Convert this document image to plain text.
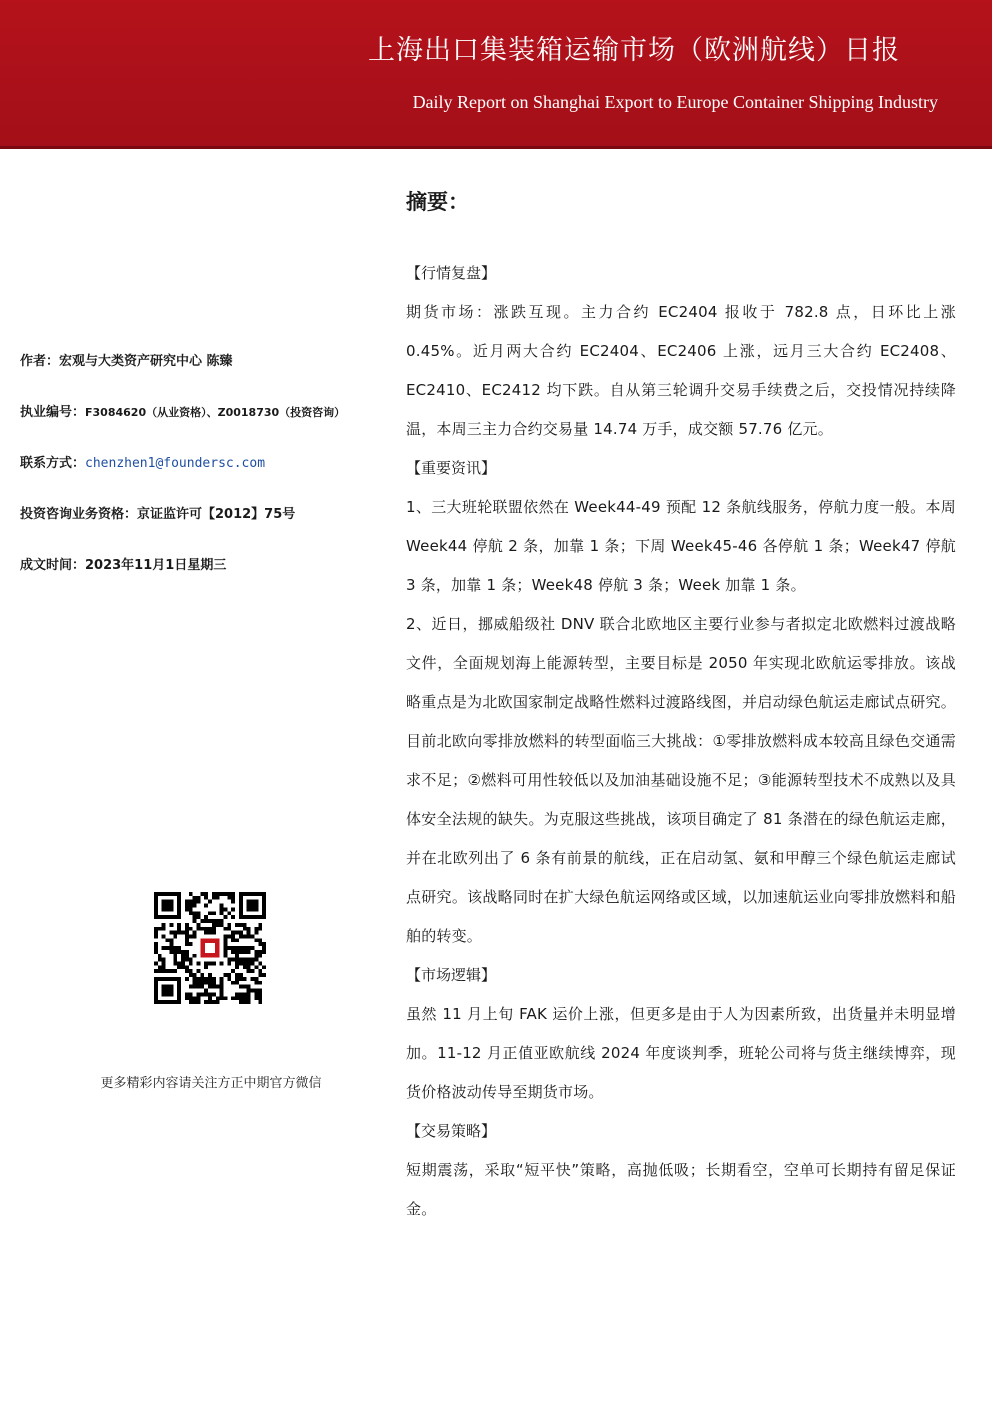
上海出口集装箱运输市场（欧洲航线）日报
Daily Report on Shanghai Export to Europe Container Shipping Industry
作者：宏观与大类资产研究中心 陈臻
执业编号：F3084620（从业资格）、Z0018730（投资咨询）
联系方式：chenzhen1@foundersc.com
投资咨询业务资格：京证监许可【2012】75号
成文时间：2023年11月1日星期三
更多精彩内容请关注方正中期官方微信
摘要：
【行情复盘】
期货市场：涨跌互现。主力合约 EC2404 报收于 782.8 点，日环比上涨 0.45%。近月两大合约 EC2404、EC2406 上涨，远月三大合约 EC2408、EC2410、EC2412 均下跌。自从第三轮调升交易手续费之后，交投情况持续降温，本周三主力合约交易量 14.74 万手，成交额 57.76 亿元。
【重要资讯】
1、三大班轮联盟依然在 Week44-49 预配 12 条航线服务，停航力度一般。本周 Week44 停航 2 条，加靠 1 条；下周 Week45-46 各停航 1 条；Week47 停航 3 条，加靠 1 条；Week48 停航 3 条；Week 加靠 1 条。
2、近日，挪威船级社 DNV 联合北欧地区主要行业参与者拟定北欧燃料过渡战略文件，全面规划海上能源转型，主要目标是 2050 年实现北欧航运零排放。该战略重点是为北欧国家制定战略性燃料过渡路线图，并启动绿色航运走廊试点研究。目前北欧向零排放燃料的转型面临三大挑战：①零排放燃料成本较高且绿色交通需求不足；②燃料可用性较低以及加油基础设施不足；③能源转型技术不成熟以及具体安全法规的缺失。为克服这些挑战，该项目确定了 81 条潜在的绿色航运走廊，并在北欧列出了 6 条有前景的航线，正在启动氢、氨和甲醇三个绿色航运走廊试点研究。该战略同时在扩大绿色航运网络或区域，以加速航运业向零排放燃料和船舶的转变。
【市场逻辑】
虽然 11 月上旬 FAK 运价上涨，但更多是由于人为因素所致，出货量并未明显增加。11-12 月正值亚欧航线 2024 年度谈判季，班轮公司将与货主继续博弈，现货价格波动传导至期货市场。
【交易策略】
短期震荡，采取“短平快”策略，高抛低吸；长期看空，空单可长期持有留足保证金。
